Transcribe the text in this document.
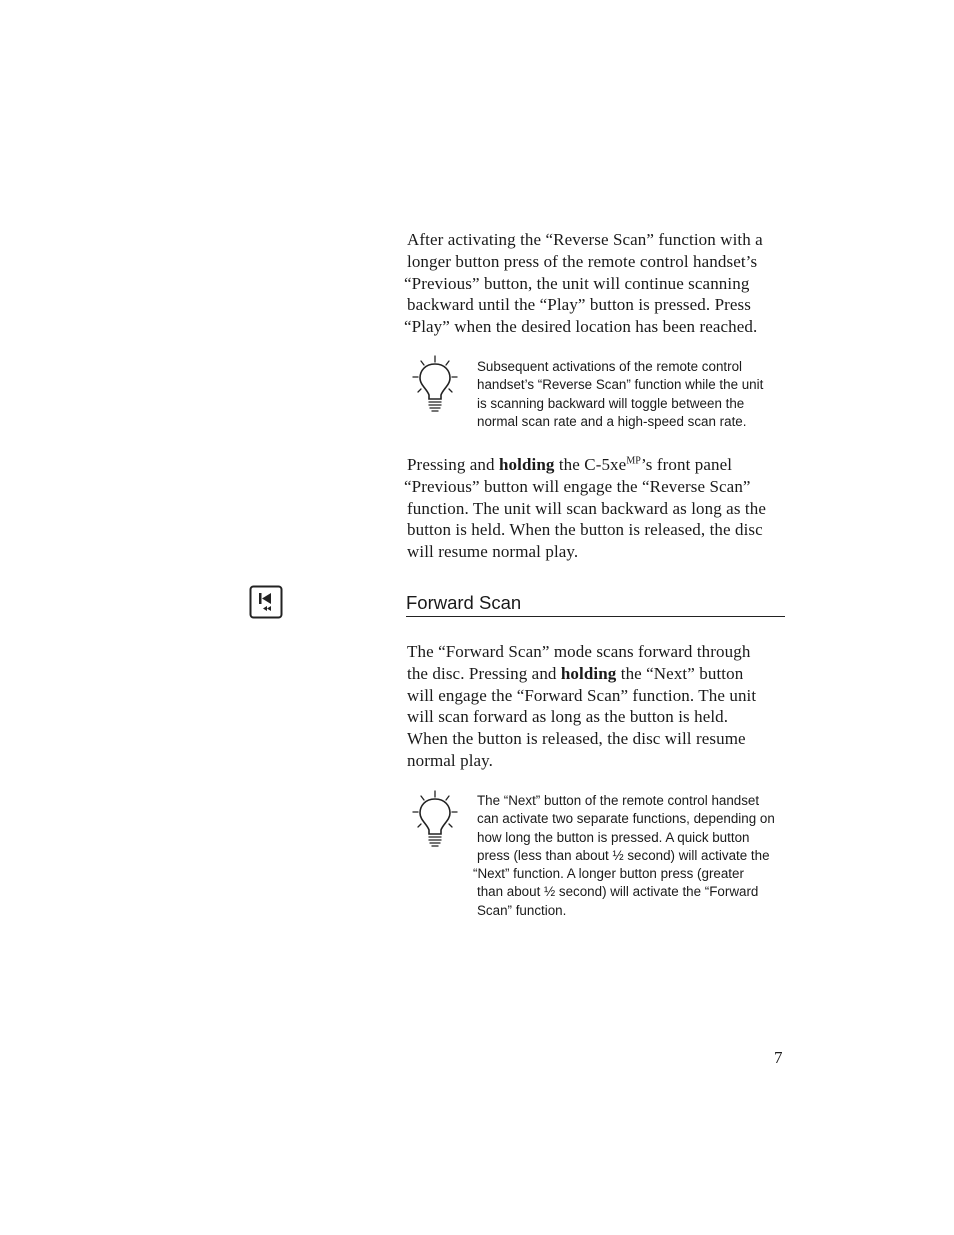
After activating the “Reverse Scan” function with a
longer button press of the remote control handset’s
“Previous” button, the unit will continue scanning
backward until the “Play” button is pressed. Press
“Play” when the desired location has been reached.
Subsequent activations of the remote control
handset’s “Reverse Scan” function while the unit
is scanning backward will toggle between the
normal scan rate and a high-speed scan rate.
Pressing and holding the $C-5xe^{MP}’s$ front panel
“Previous” button will engage the “Reverse Scan”
function. The unit will scan backward as long as the
button is held. When the button is released, the disc
will resume normal play.
Forward Scan
The “Forward Scan” mode scans forward through
the disc. Pressing and holding the “Next” button
will engage the “Forward Scan” function. The unit
will scan forward as long as the button is held.
When the button is released, the disc will resume
normal play.
The “Next” button of the remote control handset
can activate two separate functions, depending on
how long the button is pressed. A quick button
press (less than about ½ second) will activate the
“Next” function. A longer button press (greater
than about ½ second) will activate the “Forward
Scan” function.
7
